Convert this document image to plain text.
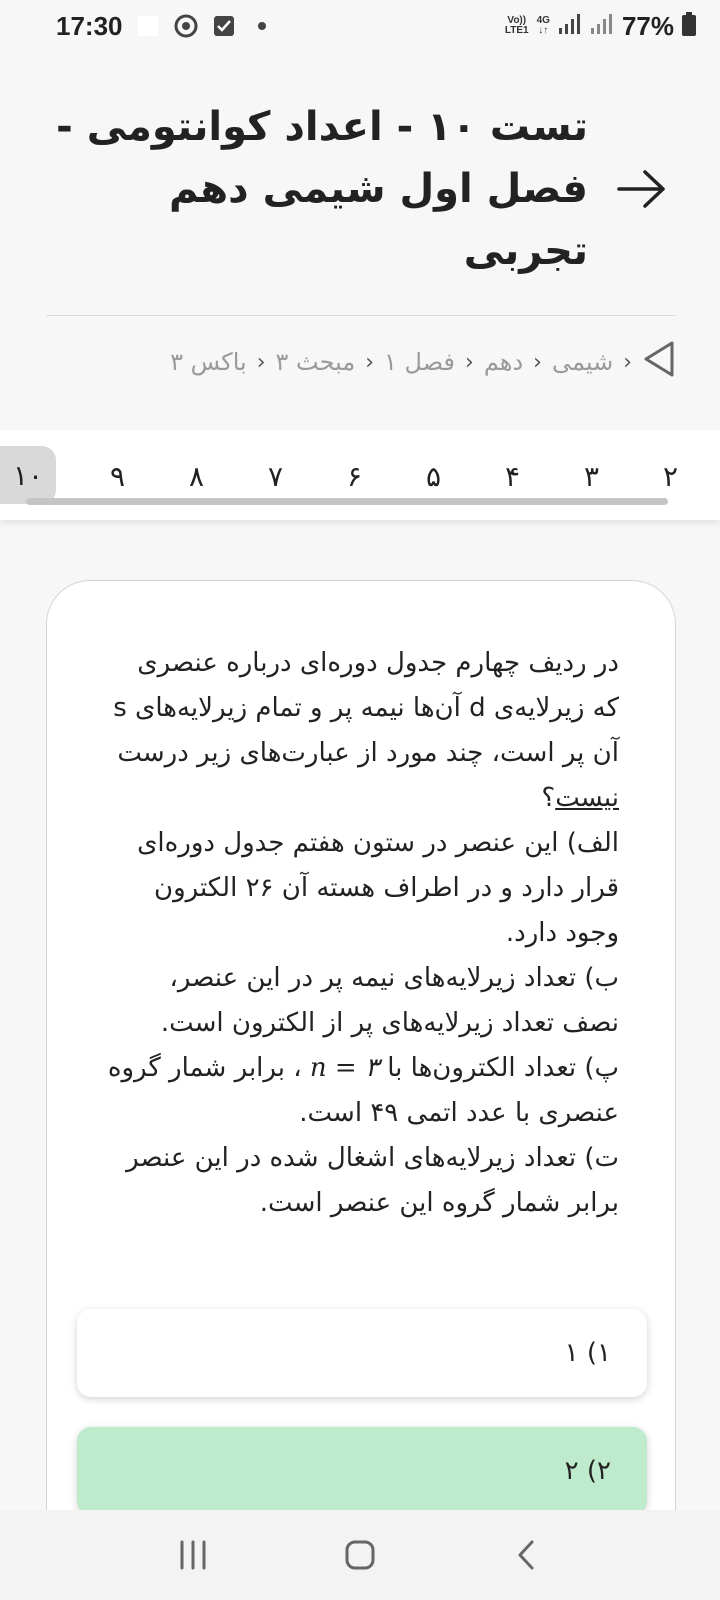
17:30	Vo))
LTE1
4G
↓↑	77%
تست ۱۰ - اعداد کوانتومی - فصل اول شیمی دهم تجربی
‹
شیمی
‹
دهم
‹
فصل ۱
‹
مبحث ۳
‹
باکس ۳
۲
۳
۴
۵
۶
۷
۸
۹
۱۰

در ردیف چهارم جدول دوره‌ای درباره عنصری که زیرلایه‌ی d آن‌ها نیمه پر و تمام زیرلایه‌های s آن پر است، چند مورد از عبارت‌های زیر درست نیست؟

الف) این عنصر در ستون هفتم جدول دوره‌ای قرار دارد و در اطراف هسته آن ۲۶ الکترون وجود دارد.

ب) تعداد زیرلایه‌های نیمه پر در این عنصر، نصف تعداد زیرلایه‌های پر از الکترون است.

پ) تعداد الکترون‌ها با n = ۳ ، برابر شمار گروه عنصری با عدد اتمی ۴۹ است.

ت) تعداد زیرلایه‌های اشغال شده در این عنصر برابر شمار گروه این عنصر است.

۱) ۱
۲) ۲
